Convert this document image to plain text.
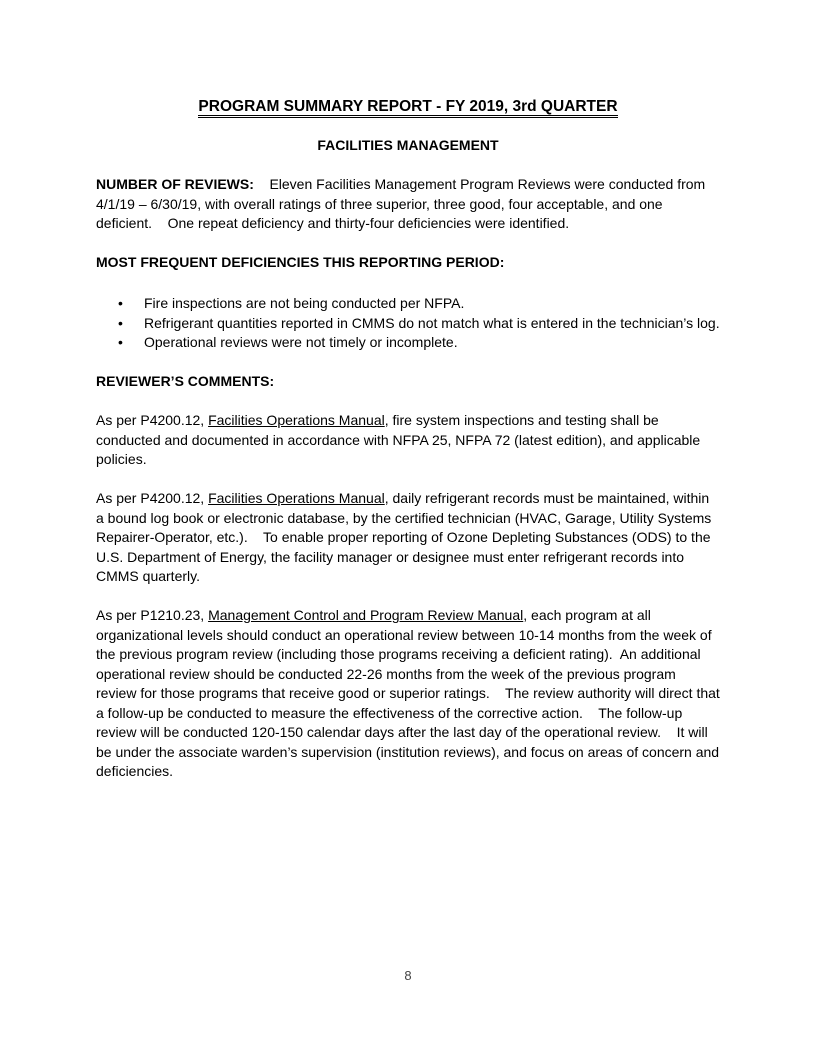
PROGRAM SUMMARY REPORT - FY 2019, 3rd QUARTER

FACILITIES MANAGEMENT

NUMBER OF REVIEWS:    Eleven Facilities Management Program Reviews were conducted from 4/1/19 – 6/30/19, with overall ratings of three superior, three good, four acceptable, and one deficient.    One repeat deficiency and thirty-four deficiencies were identified.

MOST FREQUENT DEFICIENCIES THIS REPORTING PERIOD:

• Fire inspections are not being conducted per NFPA.
• Refrigerant quantities reported in CMMS do not match what is entered in the technician’s log.
• Operational reviews were not timely or incomplete.

REVIEWER’S COMMENTS:

As per P4200.12, Facilities Operations Manual, fire system inspections and testing shall be conducted and documented in accordance with NFPA 25, NFPA 72 (latest edition), and applicable policies.

As per P4200.12, Facilities Operations Manual, daily refrigerant records must be maintained, within a bound log book or electronic database, by the certified technician (HVAC, Garage, Utility Systems Repairer-Operator, etc.).    To enable proper reporting of Ozone Depleting Substances (ODS) to the U.S. Department of Energy, the facility manager or designee must enter refrigerant records into CMMS quarterly.

As per P1210.23, Management Control and Program Review Manual, each program at all organizational levels should conduct an operational review between 10-14 months from the week of the previous program review (including those programs receiving a deficient rating).  An additional operational review should be conducted 22-26 months from the week of the previous program review for those programs that receive good or superior ratings.    The review authority will direct that a follow-up be conducted to measure the effectiveness of the corrective action.    The follow-up review will be conducted 120-150 calendar days after the last day of the operational review.    It will be under the associate warden’s supervision (institution reviews), and focus on areas of concern and deficiencies.

8
